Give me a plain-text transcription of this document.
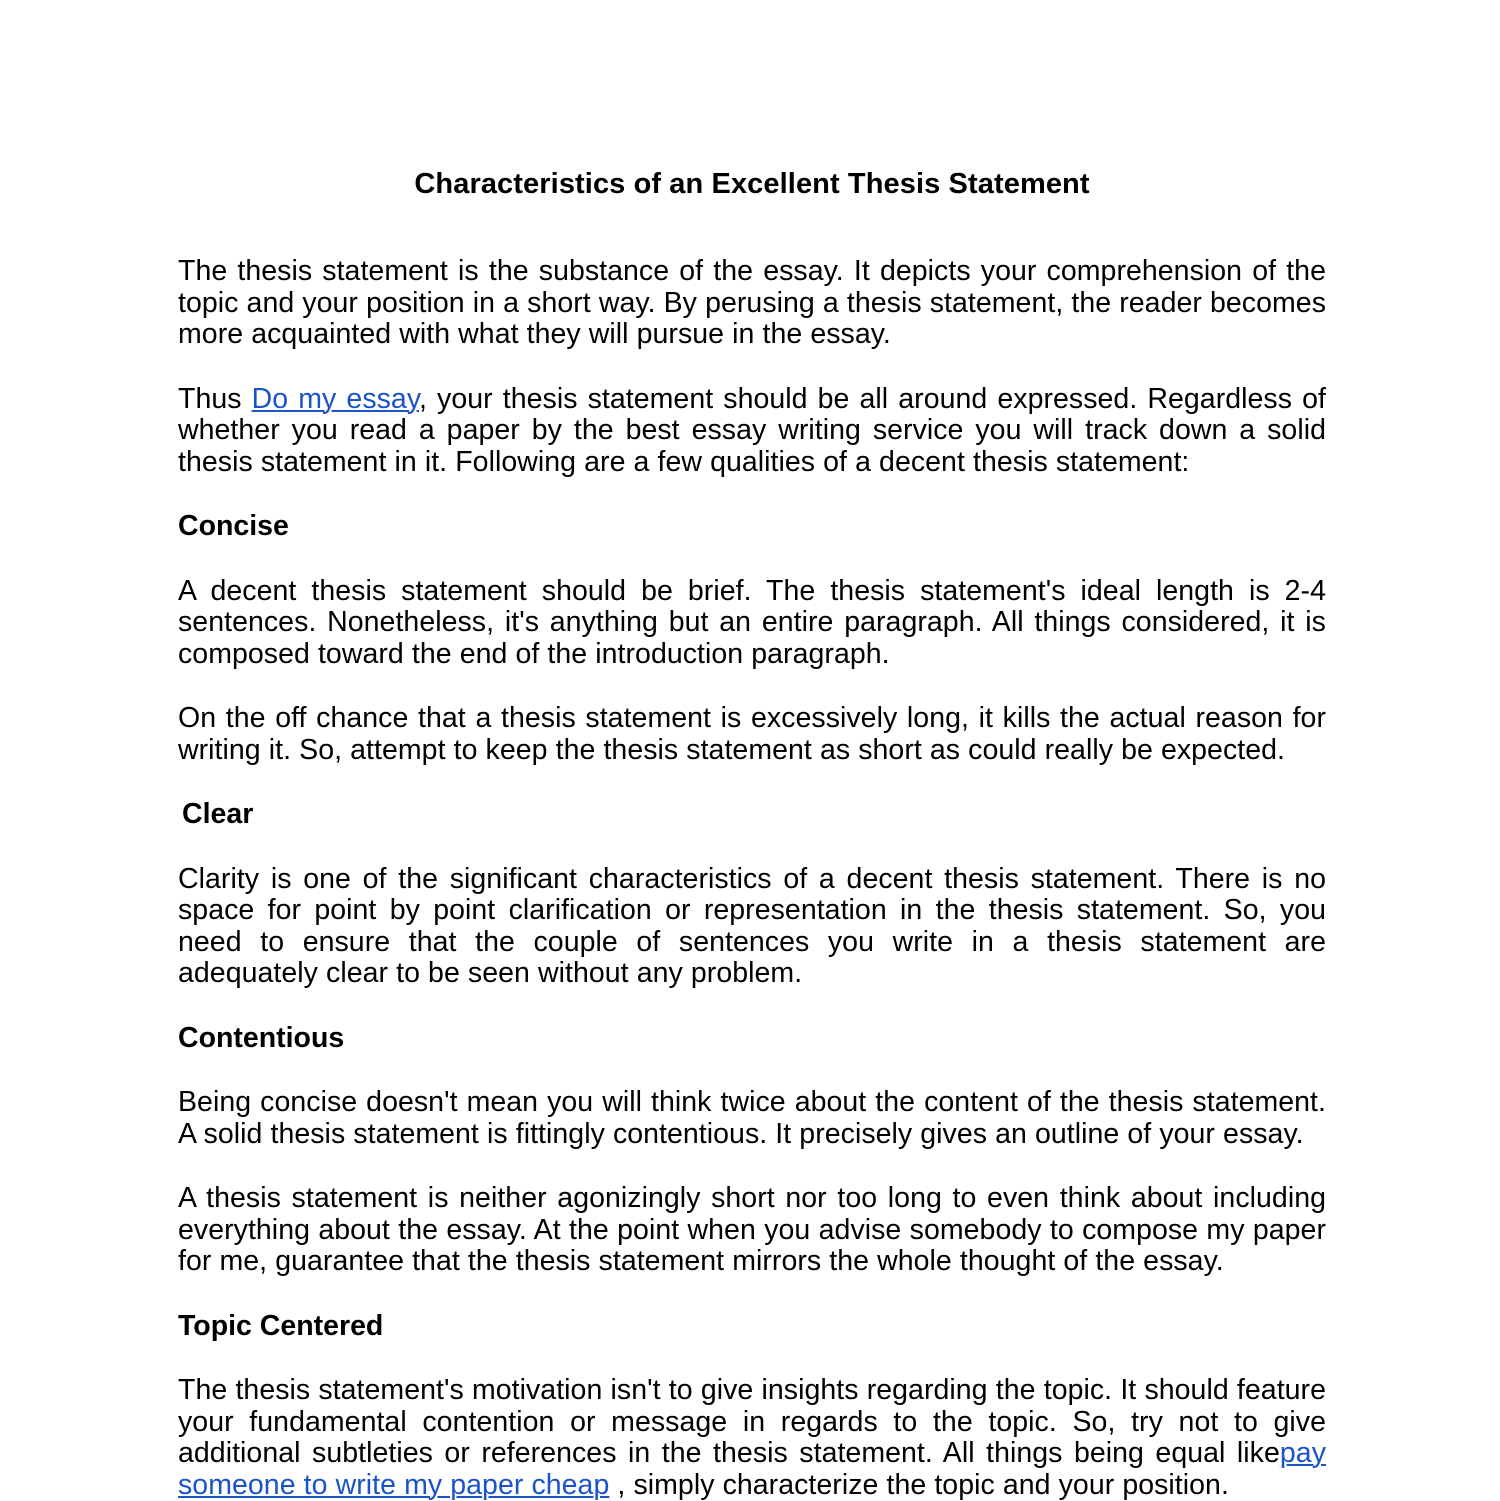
Characteristics of an Excellent Thesis Statement

The thesis statement is the substance of the essay. It depicts your comprehension of the topic and your position in a short way. By perusing a thesis statement, the reader becomes more acquainted with what they will pursue in the essay.

Thus Do my essay, your thesis statement should be all around expressed. Regardless of whether you read a paper by the best essay writing service you will track down a solid thesis statement in it. Following are a few qualities of a decent thesis statement:

Concise

A decent thesis statement should be brief. The thesis statement's ideal length is 2-4 sentences. Nonetheless, it's anything but an entire paragraph. All things considered, it is composed toward the end of the introduction paragraph.

On the off chance that a thesis statement is excessively long, it kills the actual reason for writing it. So, attempt to keep the thesis statement as short as could really be expected.

Clear

Clarity is one of the significant characteristics of a decent thesis statement. There is no space for point by point clarification or representation in the thesis statement. So, you need to ensure that the couple of sentences you write in a thesis statement are adequately clear to be seen without any problem.

Contentious

Being concise doesn't mean you will think twice about the content of the thesis statement. A solid thesis statement is fittingly contentious. It precisely gives an outline of your essay.

A thesis statement is neither agonizingly short nor too long to even think about including everything about the essay. At the point when you advise somebody to compose my paper for me, guarantee that the thesis statement mirrors the whole thought of the essay.

Topic Centered

The thesis statement's motivation isn't to give insights regarding the topic. It should feature your fundamental contention or message in regards to the topic. So, try not to give additional subtleties or references in the thesis statement. All things being equal likepay someone to write my paper cheap , simply characterize the topic and your position.
